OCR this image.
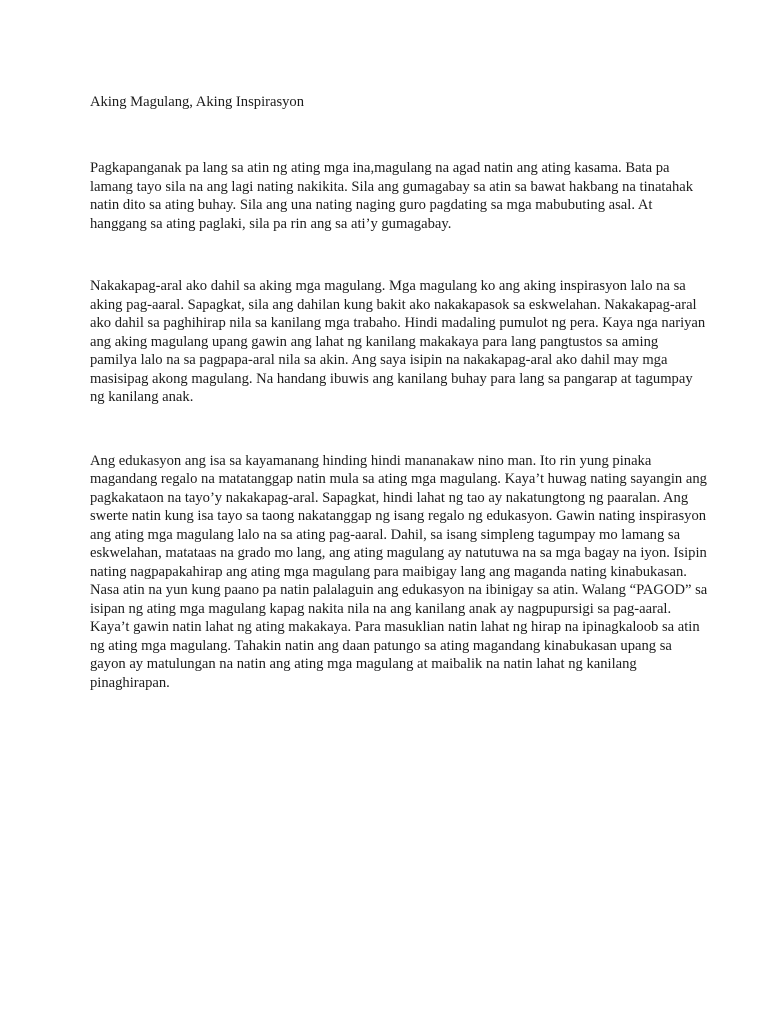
Aking Magulang, Aking Inspirasyon

Pagkapanganak pa lang sa atin ng ating mga ina,magulang na agad natin ang ating kasama. Bata pa lamang tayo sila na ang lagi nating nakikita. Sila ang gumagabay sa atin sa bawat hakbang na tinatahak natin dito sa ating buhay. Sila ang una nating naging guro pagdating sa mga mabubuting asal. At hanggang sa ating paglaki, sila pa rin ang sa ati’y gumagabay.

Nakakapag-aral ako dahil sa aking mga magulang. Mga magulang ko ang aking inspirasyon lalo na sa aking pag-aaral. Sapagkat, sila ang dahilan kung bakit ako nakakapasok sa eskwelahan. Nakakapag-aral ako dahil sa paghihirap nila sa kanilang mga trabaho. Hindi madaling pumulot ng pera. Kaya nga nariyan ang aking magulang upang gawin ang lahat ng kanilang makakaya para lang pangtustos sa aming pamilya lalo na sa pagpapa-aral nila sa akin. Ang saya isipin na nakakapag-aral ako dahil may mga masisipag akong magulang. Na handang ibuwis ang kanilang buhay para lang sa pangarap at tagumpay ng kanilang anak.

Ang edukasyon ang isa sa kayamanang hinding hindi mananakaw nino man. Ito rin yung pinaka magandang regalo na matatanggap natin mula sa ating mga magulang. Kaya’t huwag nating sayangin ang pagkakataon na tayo’y nakakapag-aral. Sapagkat, hindi lahat ng tao ay nakatungtong ng paaralan. Ang swerte natin kung isa tayo sa taong nakatanggap ng isang regalo ng edukasyon. Gawin nating inspirasyon ang ating mga magulang lalo na sa ating pag-aaral. Dahil, sa isang simpleng tagumpay mo lamang sa eskwelahan, matataas na grado mo lang, ang ating magulang ay natutuwa na sa mga bagay na iyon. Isipin nating nagpapakahirap ang ating mga magulang para maibigay lang ang maganda nating kinabukasan. Nasa atin na yun kung paano pa natin palalaguin ang edukasyon na ibinigay sa atin. Walang “PAGOD” sa isipan ng ating mga magulang kapag nakita nila na ang kanilang anak ay nagpupursigi sa pag-aaral. Kaya’t gawin natin lahat ng ating makakaya. Para masuklian natin lahat ng hirap na ipinagkaloob sa atin ng ating mga magulang. Tahakin natin ang daan patungo sa ating magandang kinabukasan upang sa gayon ay matulungan na natin ang ating mga magulang at maibalik na natin lahat ng kanilang pinaghirapan.
